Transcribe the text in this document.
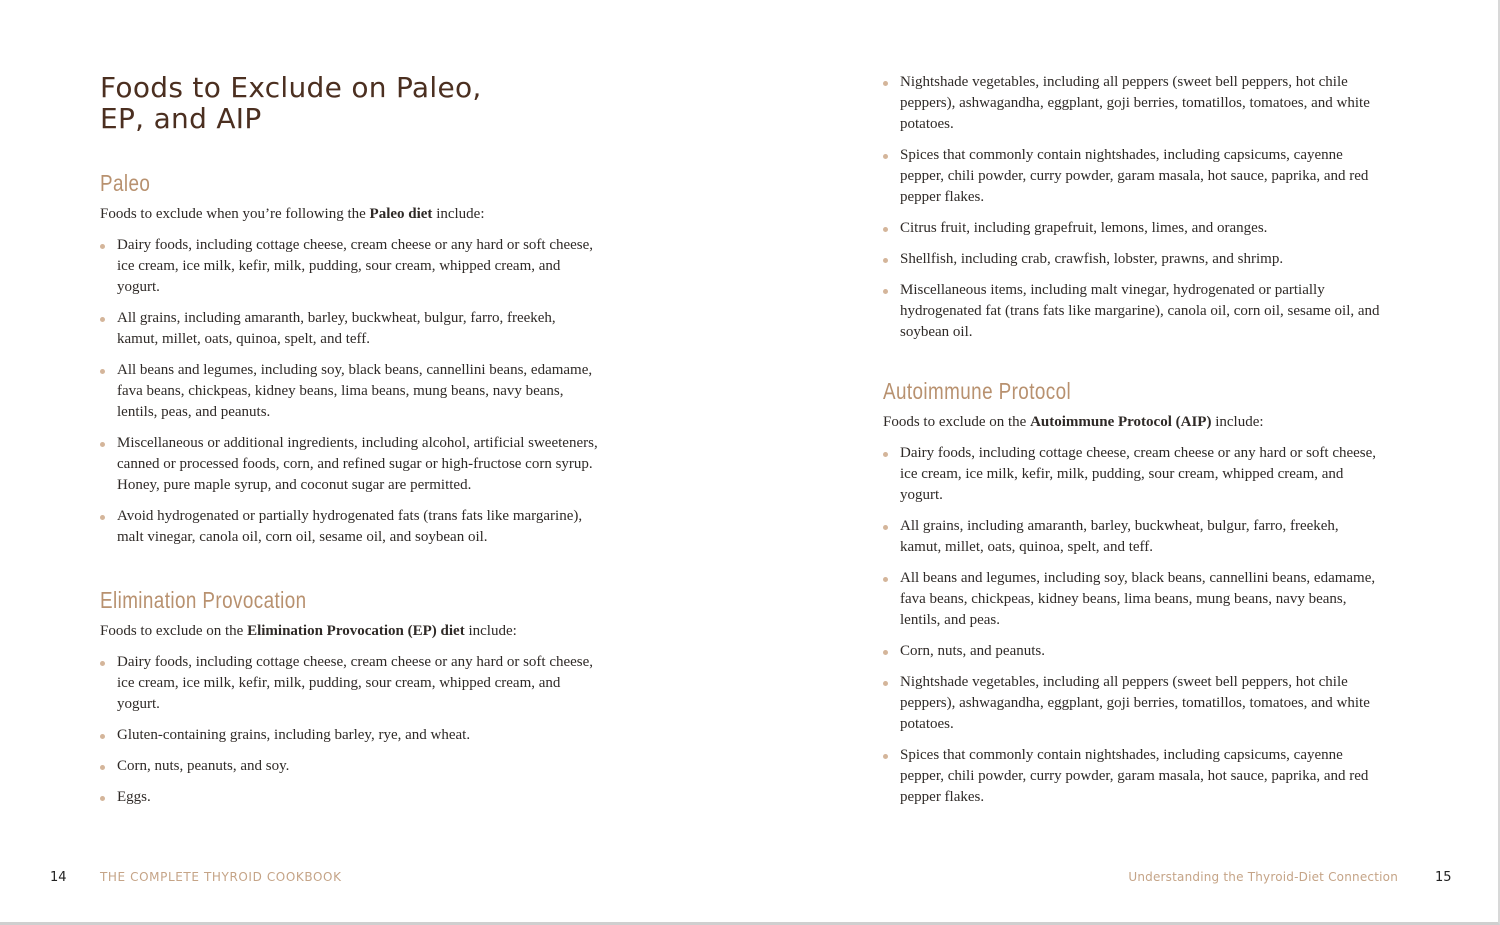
Foods to Exclude on Paleo,
EP, and AIP
Paleo

Foods to exclude when you’re following the Paleo diet include:

Dairy foods, including cottage cheese, cream cheese or any hard or soft cheese, ice cream, ice milk, kefir, milk, pudding, sour cream, whipped cream, and yogurt.
All grains, including amaranth, barley, buckwheat, bulgur, farro, freekeh, kamut, millet, oats, quinoa, spelt, and teff.
All beans and legumes, including soy, black beans, cannellini beans, edamame, fava beans, chickpeas, kidney beans, lima beans, mung beans, navy beans, lentils, peas, and peanuts.
Miscellaneous or additional ingredients, including alcohol, artificial sweeteners, canned or processed foods, corn, and refined sugar or high-fructose corn syrup. Honey, pure maple syrup, and coconut sugar are permitted.
Avoid hydrogenated or partially hydrogenated fats (trans fats like margarine), malt vinegar, canola oil, corn oil, sesame oil, and soybean oil.
Elimination Provocation

Foods to exclude on the Elimination Provocation (EP) diet include:

Dairy foods, including cottage cheese, cream cheese or any hard or soft cheese, ice cream, ice milk, kefir, milk, pudding, sour cream, whipped cream, and yogurt.
Gluten-containing grains, including barley, rye, and wheat.
Corn, nuts, peanuts, and soy.
Eggs.
Nightshade vegetables, including all peppers (sweet bell peppers, hot chile peppers), ashwagandha, eggplant, goji berries, tomatillos, tomatoes, and white potatoes.
Spices that commonly contain nightshades, including capsicums, cayenne pepper, chili powder, curry powder, garam masala, hot sauce, paprika, and red pepper flakes.
Citrus fruit, including grapefruit, lemons, limes, and oranges.
Shellfish, including crab, crawfish, lobster, prawns, and shrimp.
Miscellaneous items, including malt vinegar, hydrogenated or partially hydrogenated fat (trans fats like margarine), canola oil, corn oil, sesame oil, and soybean oil.
Autoimmune Protocol

Foods to exclude on the Autoimmune Protocol (AIP) include:

Dairy foods, including cottage cheese, cream cheese or any hard or soft cheese, ice cream, ice milk, kefir, milk, pudding, sour cream, whipped cream, and yogurt.
All grains, including amaranth, barley, buckwheat, bulgur, farro, freekeh, kamut, millet, oats, quinoa, spelt, and teff.
All beans and legumes, including soy, black beans, cannellini beans, edamame, fava beans, chickpeas, kidney beans, lima beans, mung beans, navy beans, lentils, and peas.
Corn, nuts, and peanuts.
Nightshade vegetables, including all peppers (sweet bell peppers, hot chile peppers), ashwagandha, eggplant, goji berries, tomatillos, tomatoes, and white potatoes.
Spices that commonly contain nightshades, including capsicums, cayenne pepper, chili powder, curry powder, garam masala, hot sauce, paprika, and red pepper flakes.
14	THE COMPLETE THYROID COOKBOOK	Understanding the Thyroid-Diet Connection	15
